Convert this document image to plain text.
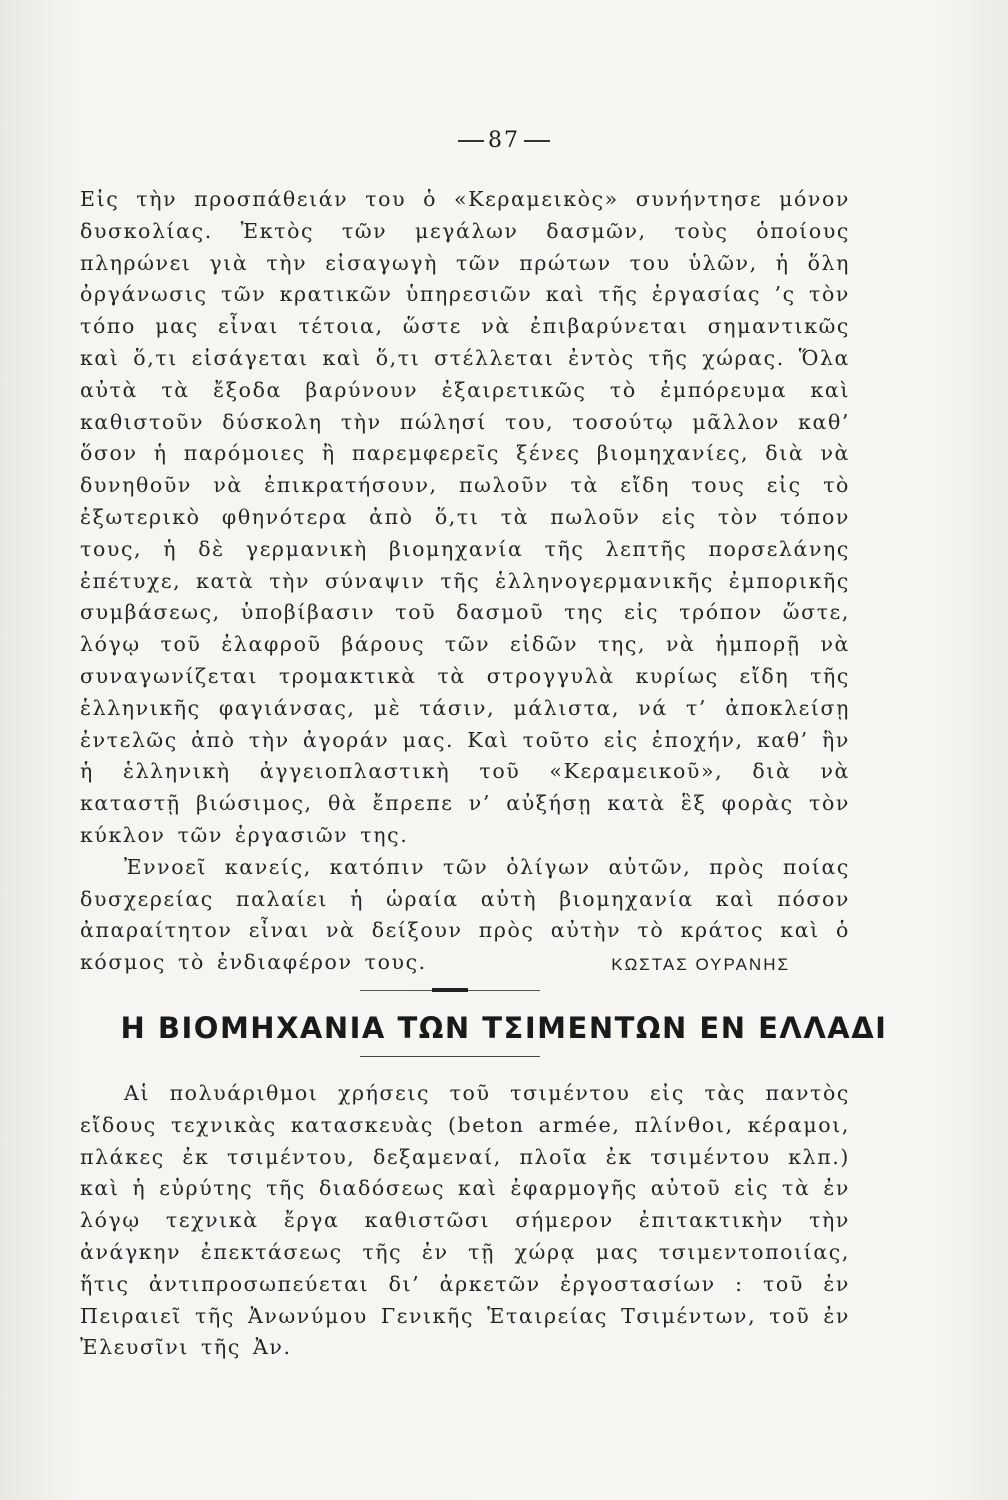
87

Εἰς τὴν προσπάθειάν του ὁ «Κεραμεικὸς» συνήντησε μόνον δυσκολίας. Ἐκτὸς τῶν μεγάλων δασμῶν, τοὺς ὁποίους πληρώνει γιὰ τὴν εἰσαγωγὴ τῶν πρώτων του ὑλῶν, ἡ ὅλη ὀργάνωσις τῶν κρατικῶν ὑπηρεσιῶν καὶ τῆς ἐργασίας ’ς τὸν τόπο μας εἶναι τέτοια, ὥστε νὰ ἐπιβαρύνεται σημαντικῶς καὶ ὅ,τι εἰσάγεται καὶ ὅ,τι στέλλεται ἐντὸς τῆς χώρας. Ὅλα αὐτὰ τὰ ἔξοδα βαρύνουν ἐξαιρετικῶς τὸ ἐμπόρευμα καὶ καθιστοῦν δύσκολη τὴν πώλησί του, τοσούτῳ μᾶλλον καθ’ ὅσον ἡ παρόμοιες ἢ παρεμφερεῖς ξένες βιομηχανίες, διὰ νὰ δυνηθοῦν νὰ ἐπικρατήσουν, πωλοῦν τὰ εἴδη τους εἰς τὸ ἐξωτερικὸ φθηνότερα ἀπὸ ὅ,τι τὰ πωλοῦν εἰς τὸν τόπον τους, ἡ δὲ γερμανικὴ βιομηχανία τῆς λεπτῆς πορσελάνης ἐπέτυχε, κατὰ τὴν σύναψιν τῆς ἑλληνογερμανικῆς ἐμπορικῆς συμβάσεως, ὑποβίβασιν τοῦ δασμοῦ της εἰς τρόπον ὥστε, λόγῳ τοῦ ἐλαφροῦ βάρους τῶν εἰδῶν της, νὰ ἠμπορῇ νὰ συναγωνίζεται τρομακτικὰ τὰ στρογγυλὰ κυρίως εἴδη τῆς ἑλληνικῆς φαγιάνσας, μὲ τάσιν, μάλιστα, νά τ’ ἀποκλείσῃ ἐντελῶς ἀπὸ τὴν ἀγοράν μας. Καὶ τοῦτο εἰς ἐποχήν, καθ’ ἣν ἡ ἑλληνικὴ ἀγγειοπλαστικὴ τοῦ «Κεραμεικοῦ», διὰ νὰ καταστῇ βιώσιμος, θὰ ἔπρεπε ν’ αὐξήσῃ κατὰ ἓξ φορὰς τὸν κύκλον τῶν ἐργασιῶν της.

Ἐννοεῖ κανείς, κατόπιν τῶν ὀλίγων αὐτῶν, πρὸς ποίας δυσχερείας παλαίει ἡ ὡραία αὐτὴ βιομηχανία καὶ πόσον ἀπαραίτητον εἶναι νὰ δείξουν πρὸς αὐτὴν τὸ κράτος καὶ ὁ κόσμος τὸ ἐνδιαφέρον τους.	ΚΩΣΤΑΣ ΟΥΡΑΝΗΣ
Η ΒΙΟΜΗΧΑΝΙΑ ΤΩΝ ΤΣΙΜΕΝΤΩΝ ΕΝ ΕΛΛΑΔΙ

Αἱ πολυάριθμοι χρήσεις τοῦ τσιμέντου εἰς τὰς παντὸς εἴδους τεχνικὰς κατασκευὰς (beton armée, πλίνθοι, κέραμοι, πλάκες ἐκ τσιμέντου, δεξαμεναί, πλοῖα ἐκ τσιμέντου κλπ.) καὶ ἡ εὐρύτης τῆς διαδόσεως καὶ ἐφαρμογῆς αὐτοῦ εἰς τὰ ἐν λόγῳ τεχνικὰ ἔργα καθιστῶσι σήμερον ἐπιτακτικὴν τὴν ἀνάγκην ἐπεκτάσεως τῆς ἐν τῇ χώρᾳ μας τσιμεντοποιίας, ἥτις ἀντιπροσωπεύεται δι’ ἀρκετῶν ἐργοστασίων : τοῦ ἐν Πειραιεῖ τῆς Ἀνωνύμου Γενικῆς Ἑταιρείας Τσιμέντων, τοῦ ἐν Ἐλευσῖνι τῆς Ἀν.
